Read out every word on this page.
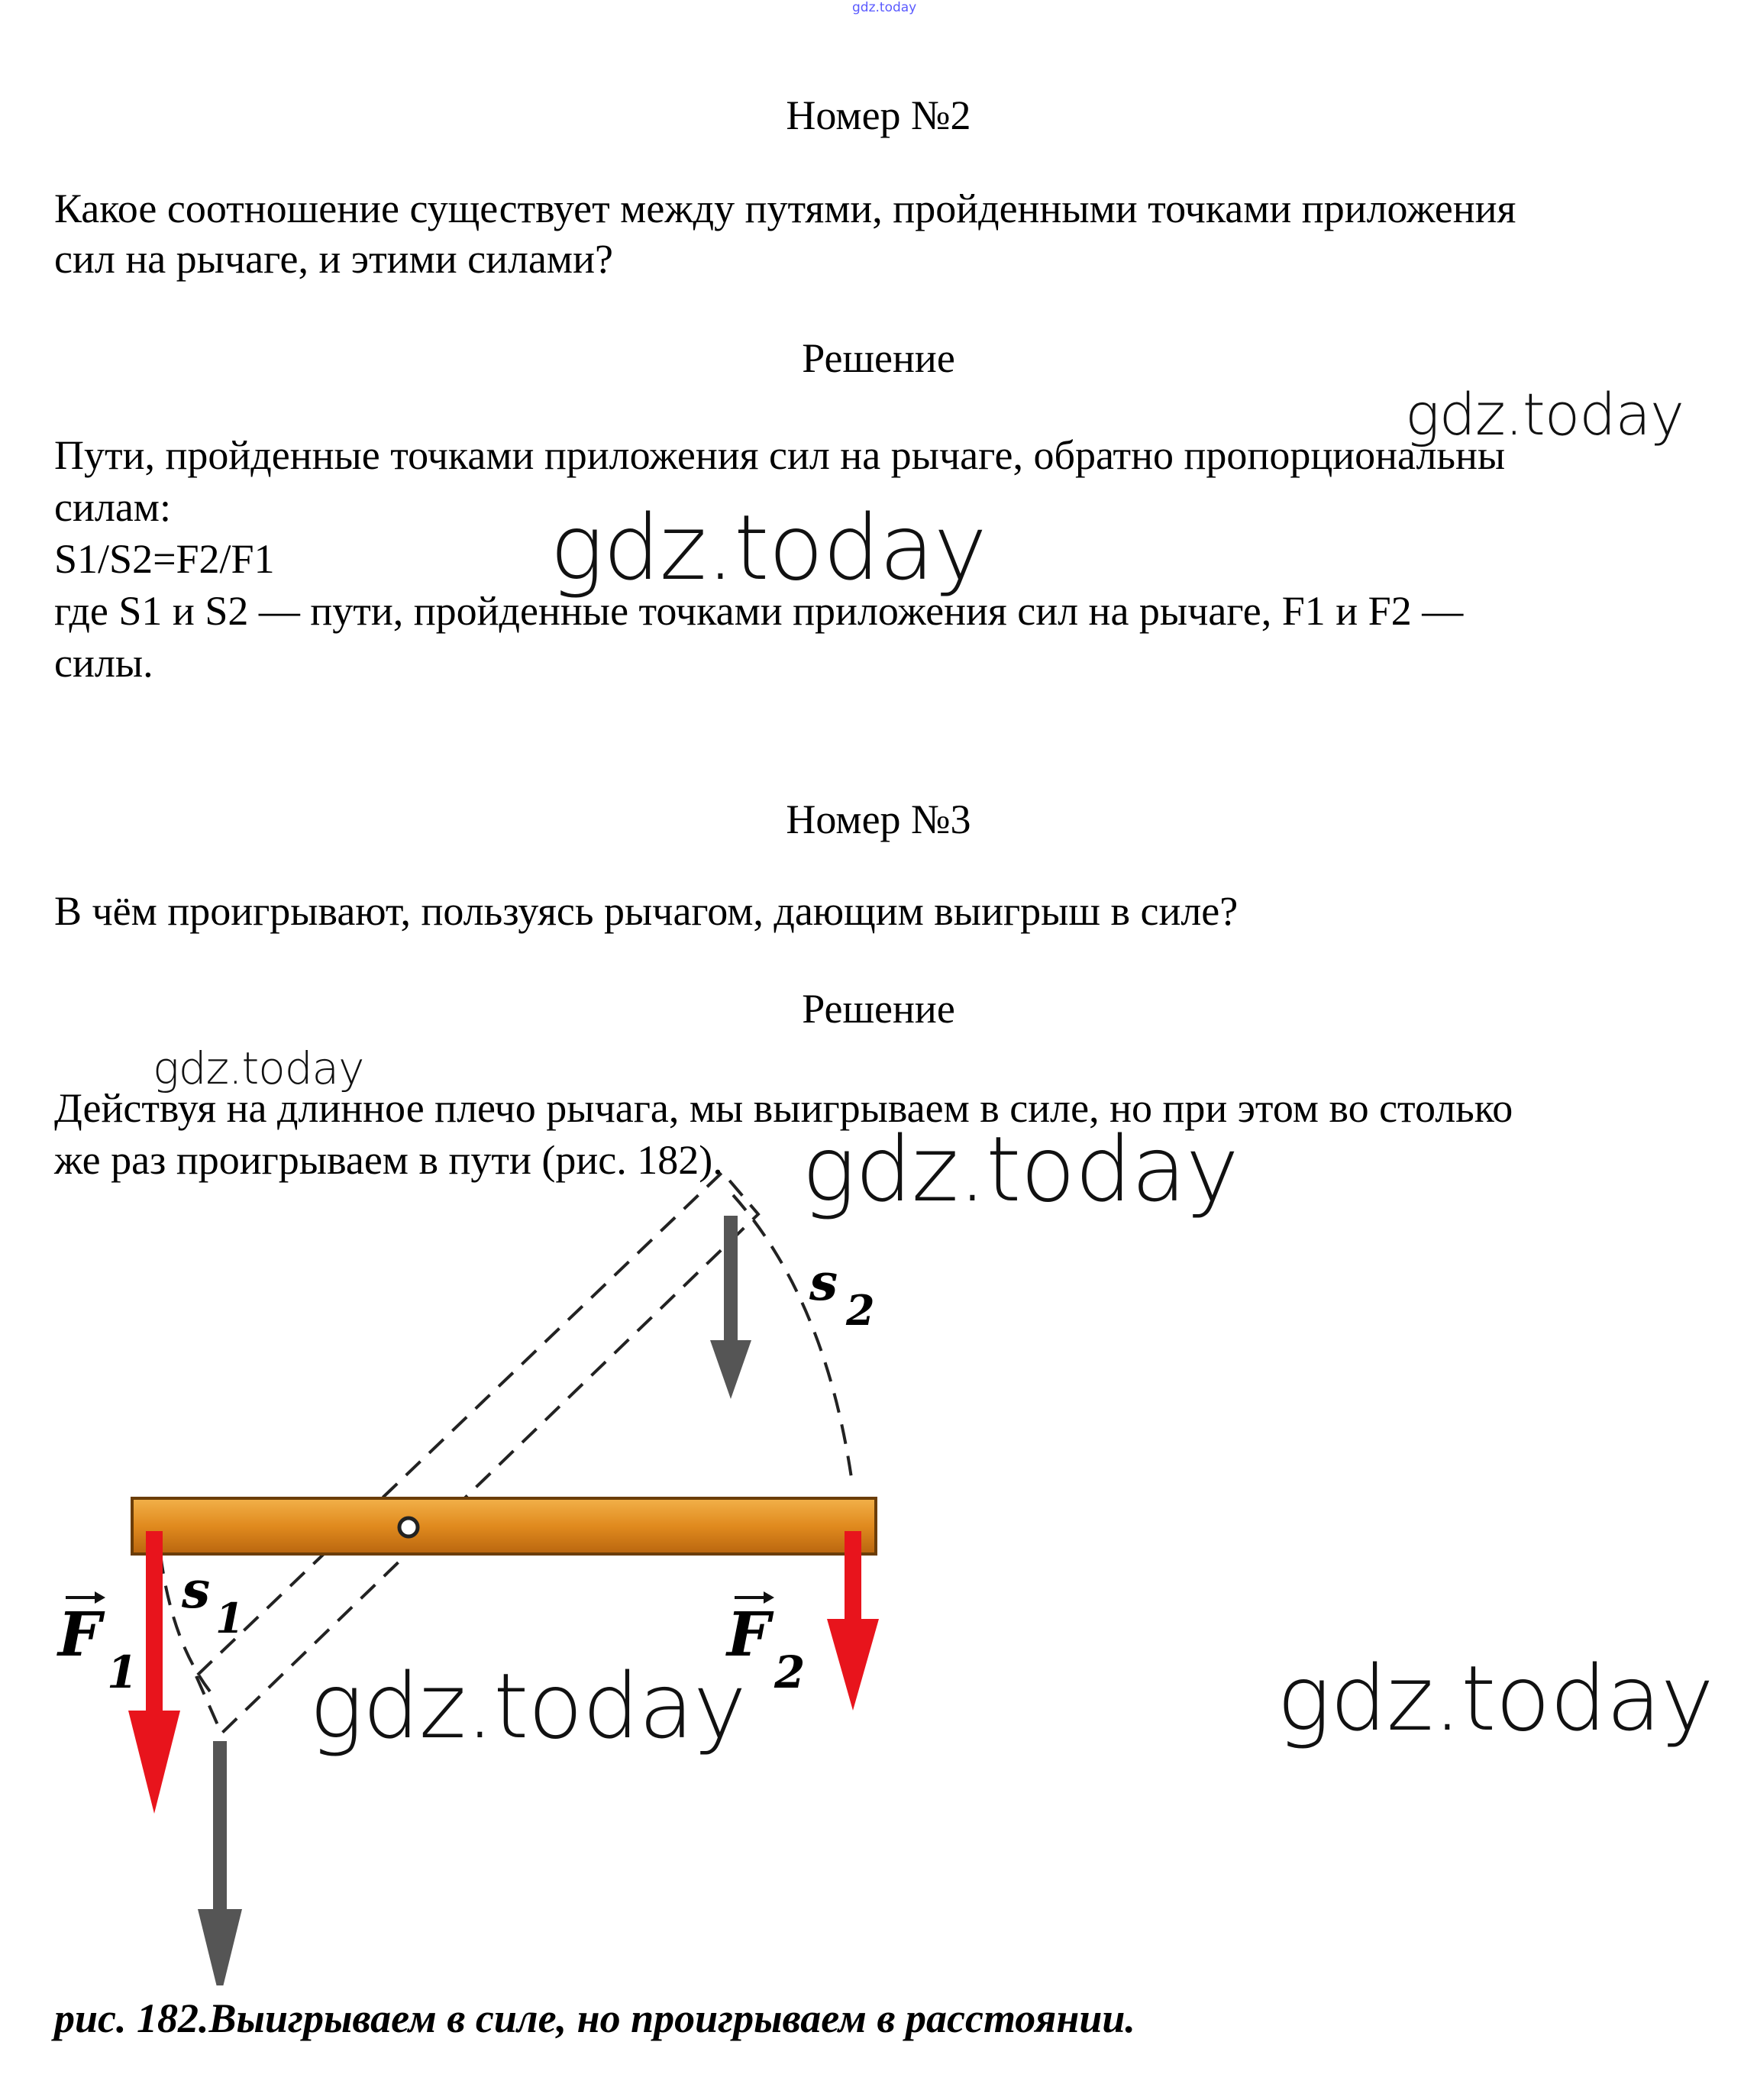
gdz.today
Номер №2
Какое соотношение существует между путями, пройденными точками приложения
сил на рычаге, и этими силами?
Решение
Пути, пройденные точками приложения сил на рычаге, обратно пропорциональны
силам:
S1/S2=F2/F1
где S1 и S2 — пути, пройденные точками приложения сил на рычаге, F1 и F2 —
силы.
Номер №3
В чём проигрывают, пользуясь рычагом, дающим выигрыш в силе?
Решение
Действуя на длинное плечо рычага, мы выигрываем в силе, но при этом во столько
же раз проигрываем в пути (рис. 182).
s 2
s 1
F
1
F
2
gdz.today
gdz.today
gdz.today
gdz.today
gdz.today	gdz.today
рис. 182.Выигрываем в силе, но проигрываем в расстоянии.
